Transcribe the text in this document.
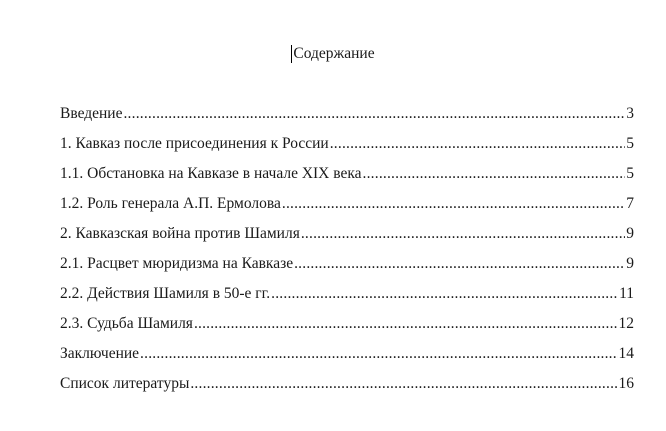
Содержание
Введение .....	3
1. Кавказ после присоединения к России .....	5
1.1. Обстановка на Кавказе в начале XIX века .....	5
1.2. Роль генерала А.П. Ермолова .....	7
2. Кавказская война против Шамиля .....	9
2.1. Расцвет мюридизма на Кавказе .....	9
2.2. Действия Шамиля в 50-е гг. .....	11
2.3. Судьба Шамиля .....	12
Заключение .....	14
Список литературы .....	16
